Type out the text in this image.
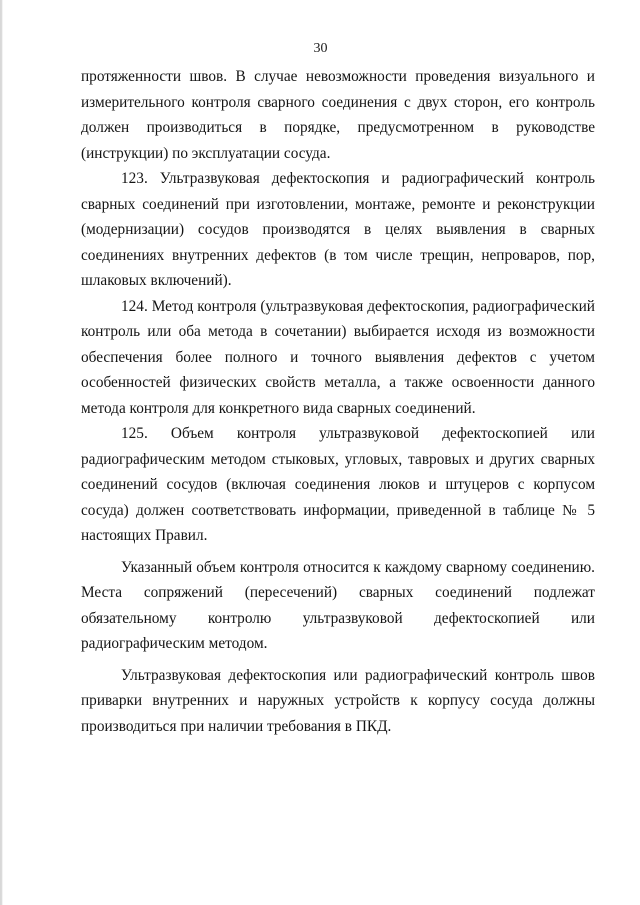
30

протяженности швов. В случае невозможности проведения визуального и измерительного контроля сварного соединения с двух сторон, его контроль должен производиться в порядке, предусмотренном в руководстве (инструкции) по эксплуатации сосуда.

123. Ультразвуковая дефектоскопия и радиографический контроль сварных соединений при изготовлении, монтаже, ремонте и реконструкции (модернизации) сосудов производятся в целях выявления в сварных соединениях внутренних дефектов (в том числе трещин, непроваров, пор, шлаковых включений).

124. Метод контроля (ультразвуковая дефектоскопия, радиографический контроль или оба метода в сочетании) выбирается исходя из возможности обеспечения более полного и точного выявления дефектов с учетом особенностей физических свойств металла, а также освоенности данного метода контроля для конкретного вида сварных соединений.

125. Объем контроля ультразвуковой дефектоскопией или радиографическим методом стыковых, угловых, тавровых и других сварных соединений сосудов (включая соединения люков и штуцеров с корпусом сосуда) должен соответствовать информации, приведенной в таблице № 5 настоящих Правил.

Указанный объем контроля относится к каждому сварному соединению. Места сопряжений (пересечений) сварных соединений подлежат обязательному контролю ультразвуковой дефектоскопией или радиографическим методом.

Ультразвуковая дефектоскопия или радиографический контроль швов приварки внутренних и наружных устройств к корпусу сосуда должны производиться при наличии требования в ПКД.
